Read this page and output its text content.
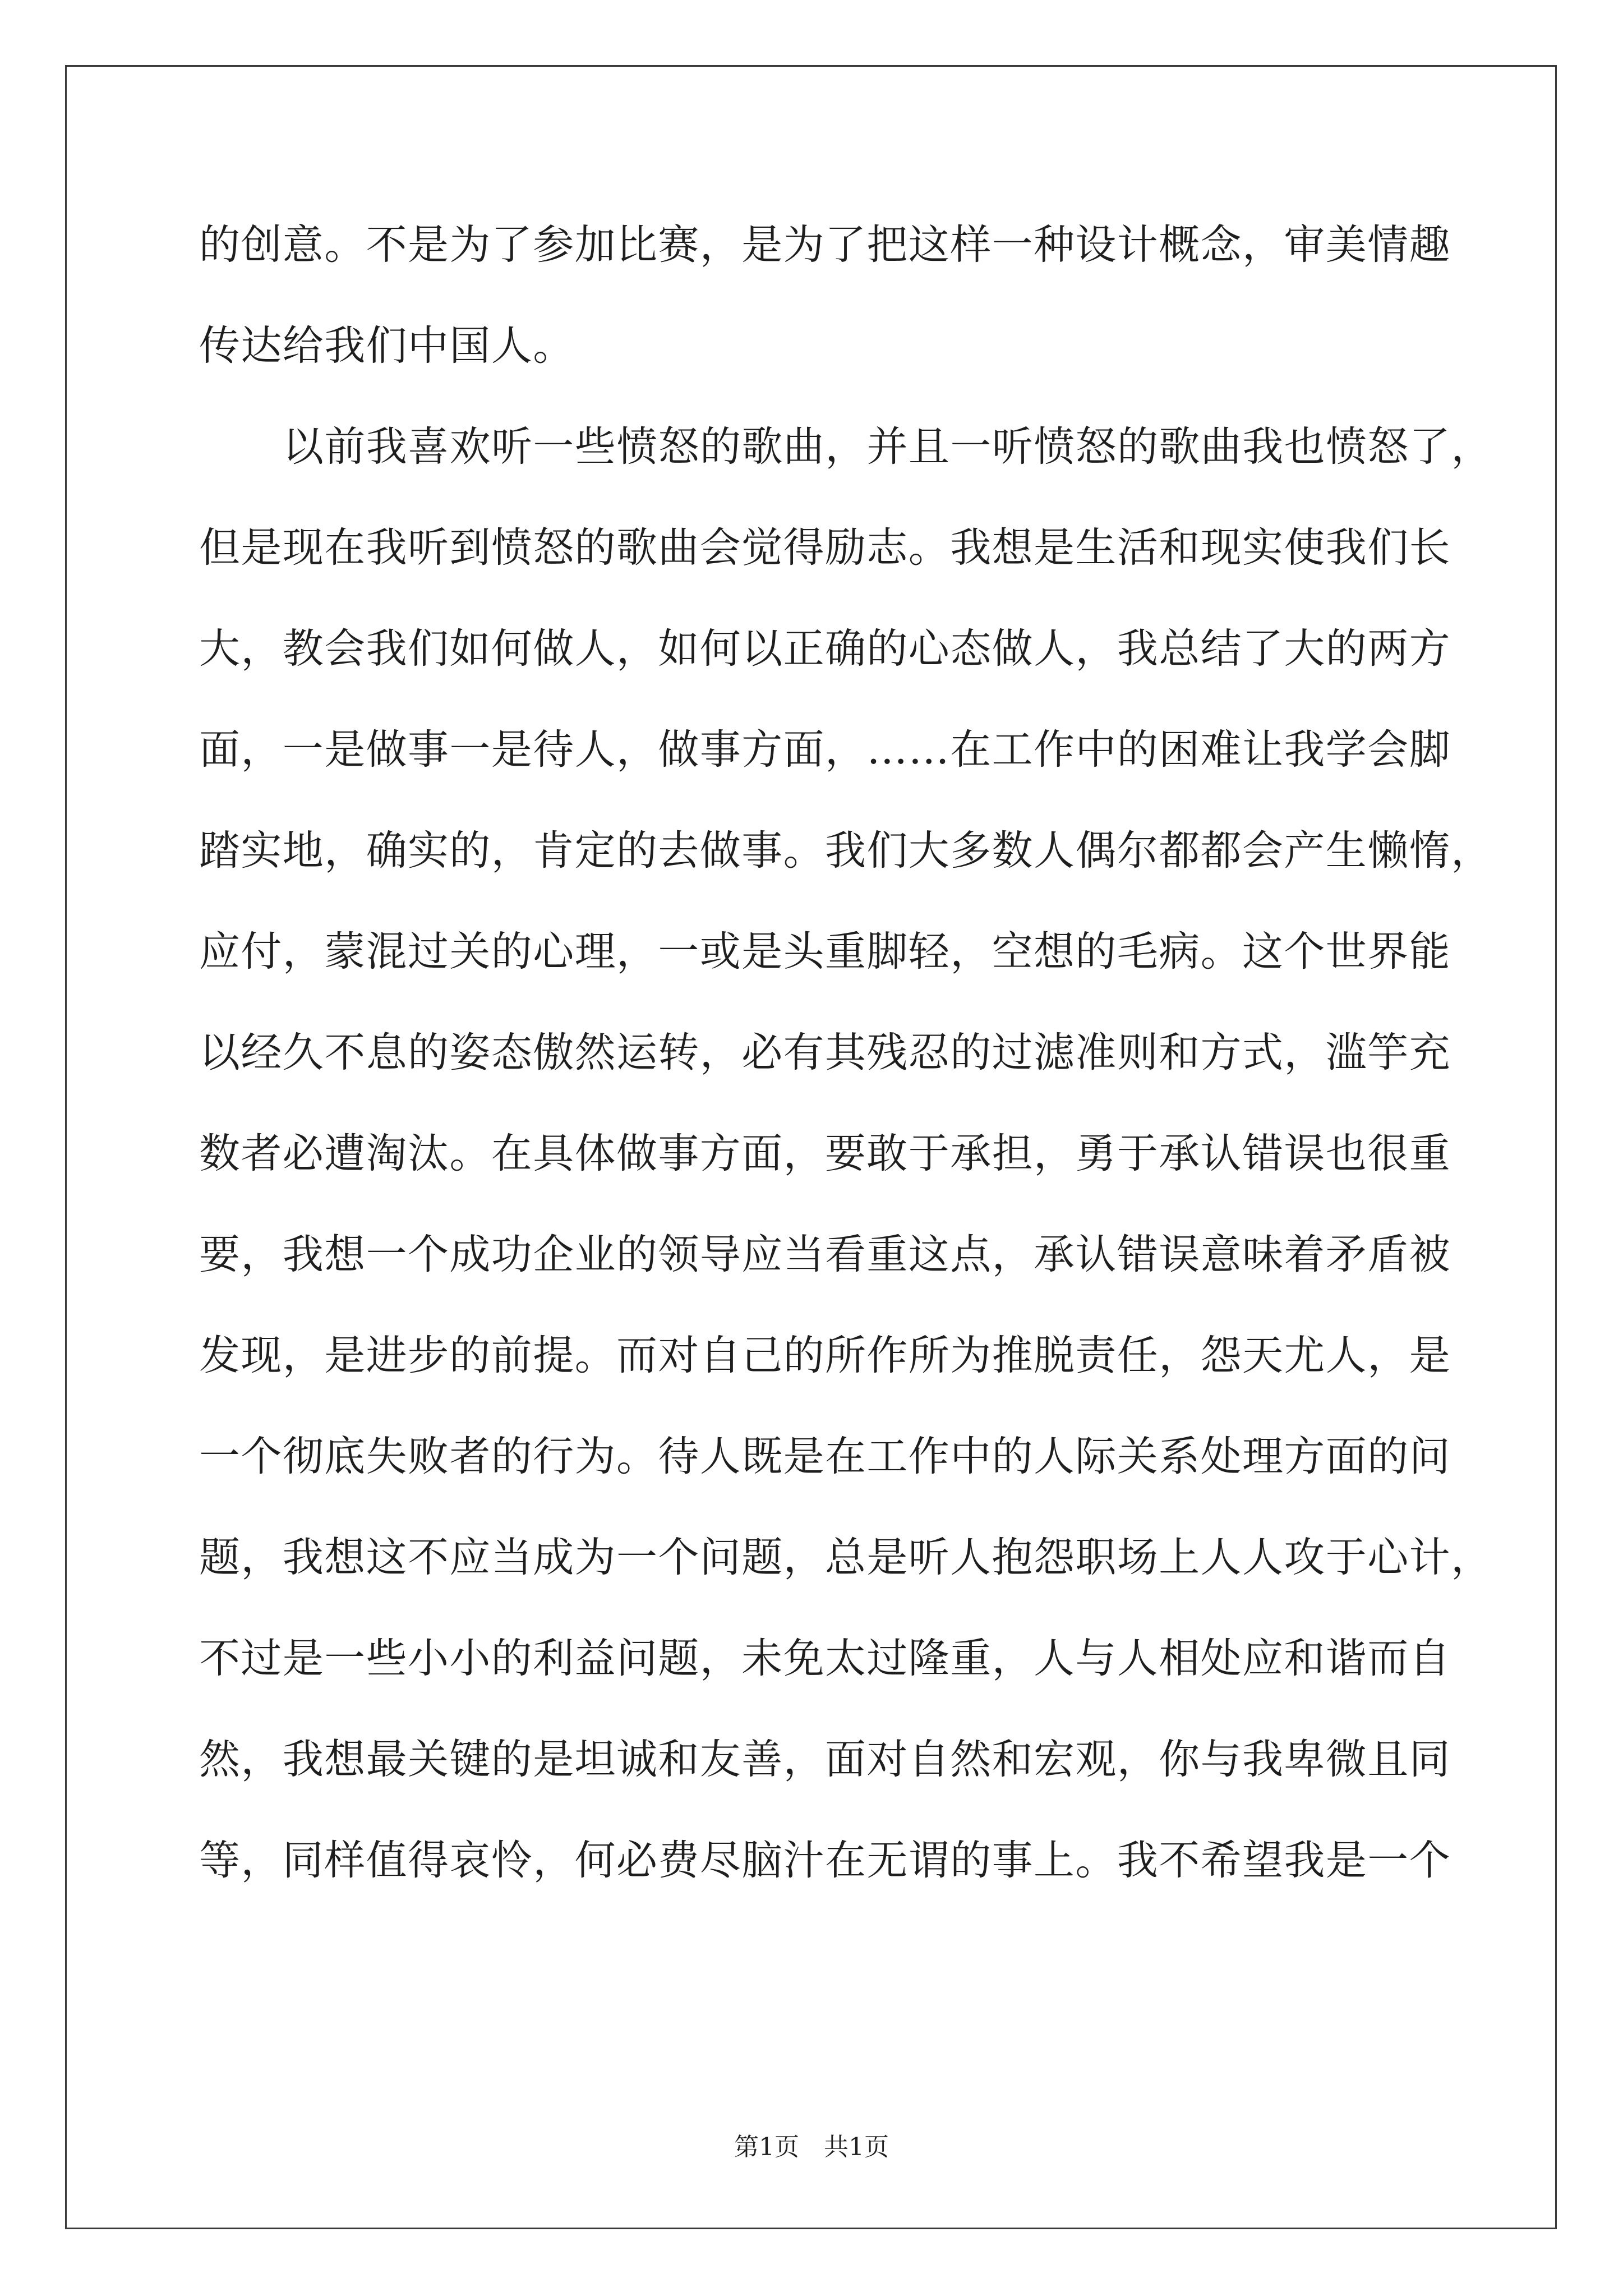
的创意。不是为了参加比赛，是为了把这样一种设计概念，审美情趣
传达给我们中国人。
以前我喜欢听一些愤怒的歌曲，并且一听愤怒的歌曲我也愤怒了，
但是现在我听到愤怒的歌曲会觉得励志。我想是生活和现实使我们长
大，教会我们如何做人，如何以正确的心态做人，我总结了大的两方
面，一是做事一是待人，做事方面，……在工作中的困难让我学会脚
踏实地，确实的，肯定的去做事。我们大多数人偶尔都都会产生懒惰，
应付，蒙混过关的心理，一或是头重脚轻，空想的毛病。这个世界能
以经久不息的姿态傲然运转，必有其残忍的过滤准则和方式，滥竽充
数者必遭淘汰。在具体做事方面，要敢于承担，勇于承认错误也很重
要，我想一个成功企业的领导应当看重这点，承认错误意味着矛盾被
发现，是进步的前提。而对自己的所作所为推脱责任，怨天尤人，是
一个彻底失败者的行为。待人既是在工作中的人际关系处理方面的问
题，我想这不应当成为一个问题，总是听人抱怨职场上人人攻于心计，
不过是一些小小的利益问题，未免太过隆重，人与人相处应和谐而自
然，我想最关键的是坦诚和友善，面对自然和宏观，你与我卑微且同
等，同样值得哀怜，何必费尽脑汁在无谓的事上。我不希望我是一个
第1页 共1页
